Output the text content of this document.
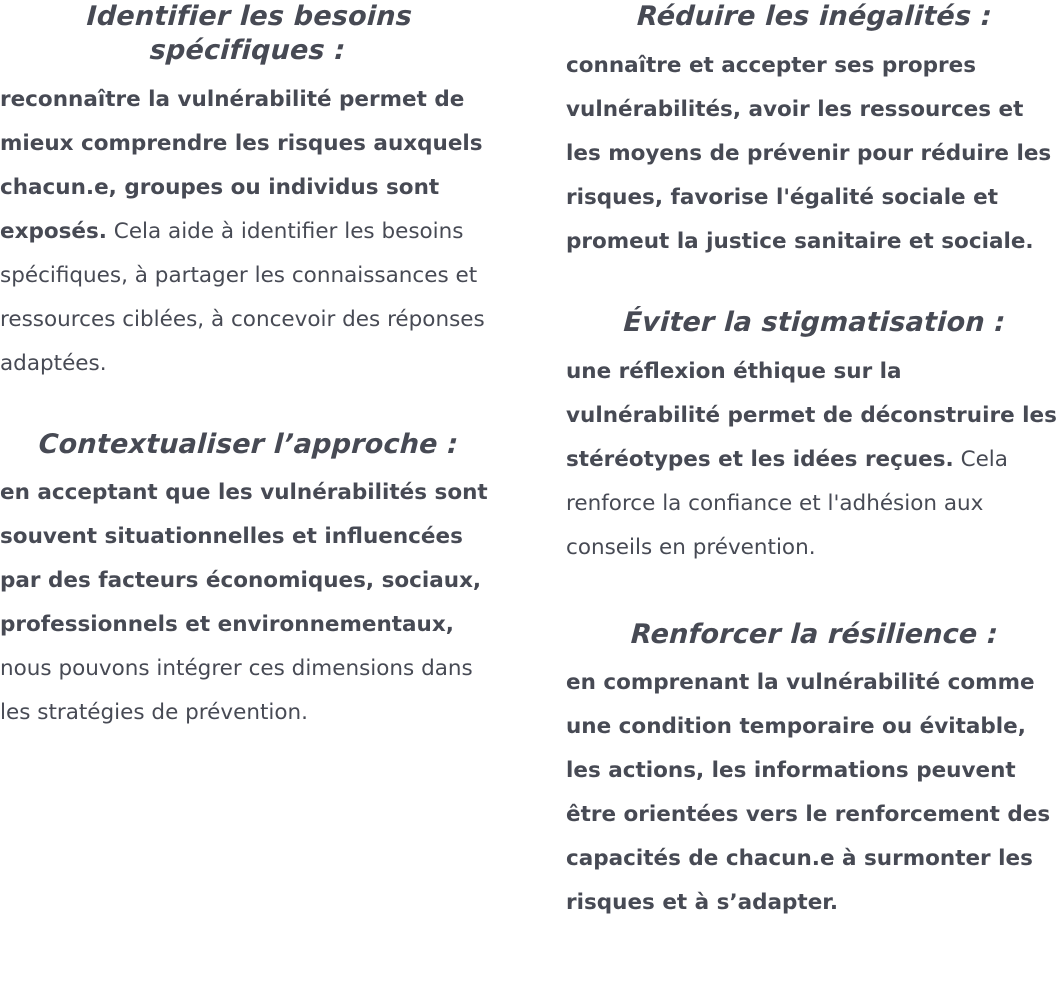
Identifier les besoins spécifiques :

reconnaître la vulnérabilité permet de mieux comprendre les risques auxquels chacun.e, groupes ou individus sont exposés. Cela aide à identifier les besoins spécifiques, à partager les connaissances et ressources ciblées, à concevoir des réponses adaptées.

Contextualiser l’approche :

en acceptant que les vulnérabilités sont souvent situationnelles et influencées par des facteurs économiques, sociaux, professionnels et environnementaux, nous pouvons intégrer ces dimensions dans les stratégies de prévention.

Réduire les inégalités :

connaître et accepter ses propres vulnérabilités, avoir les ressources et les moyens de prévenir pour réduire les risques, favorise l'égalité sociale et promeut la justice sanitaire et sociale.

Éviter la stigmatisation :

une réflexion éthique sur la vulnérabilité permet de déconstruire les stéréotypes et les idées reçues. Cela renforce la confiance et l'adhésion aux conseils en prévention.

Renforcer la résilience :

en comprenant la vulnérabilité comme une condition temporaire ou évitable, les actions, les informations peuvent être orientées vers le renforcement des capacités de chacun.e à surmonter les risques et à s’adapter.
